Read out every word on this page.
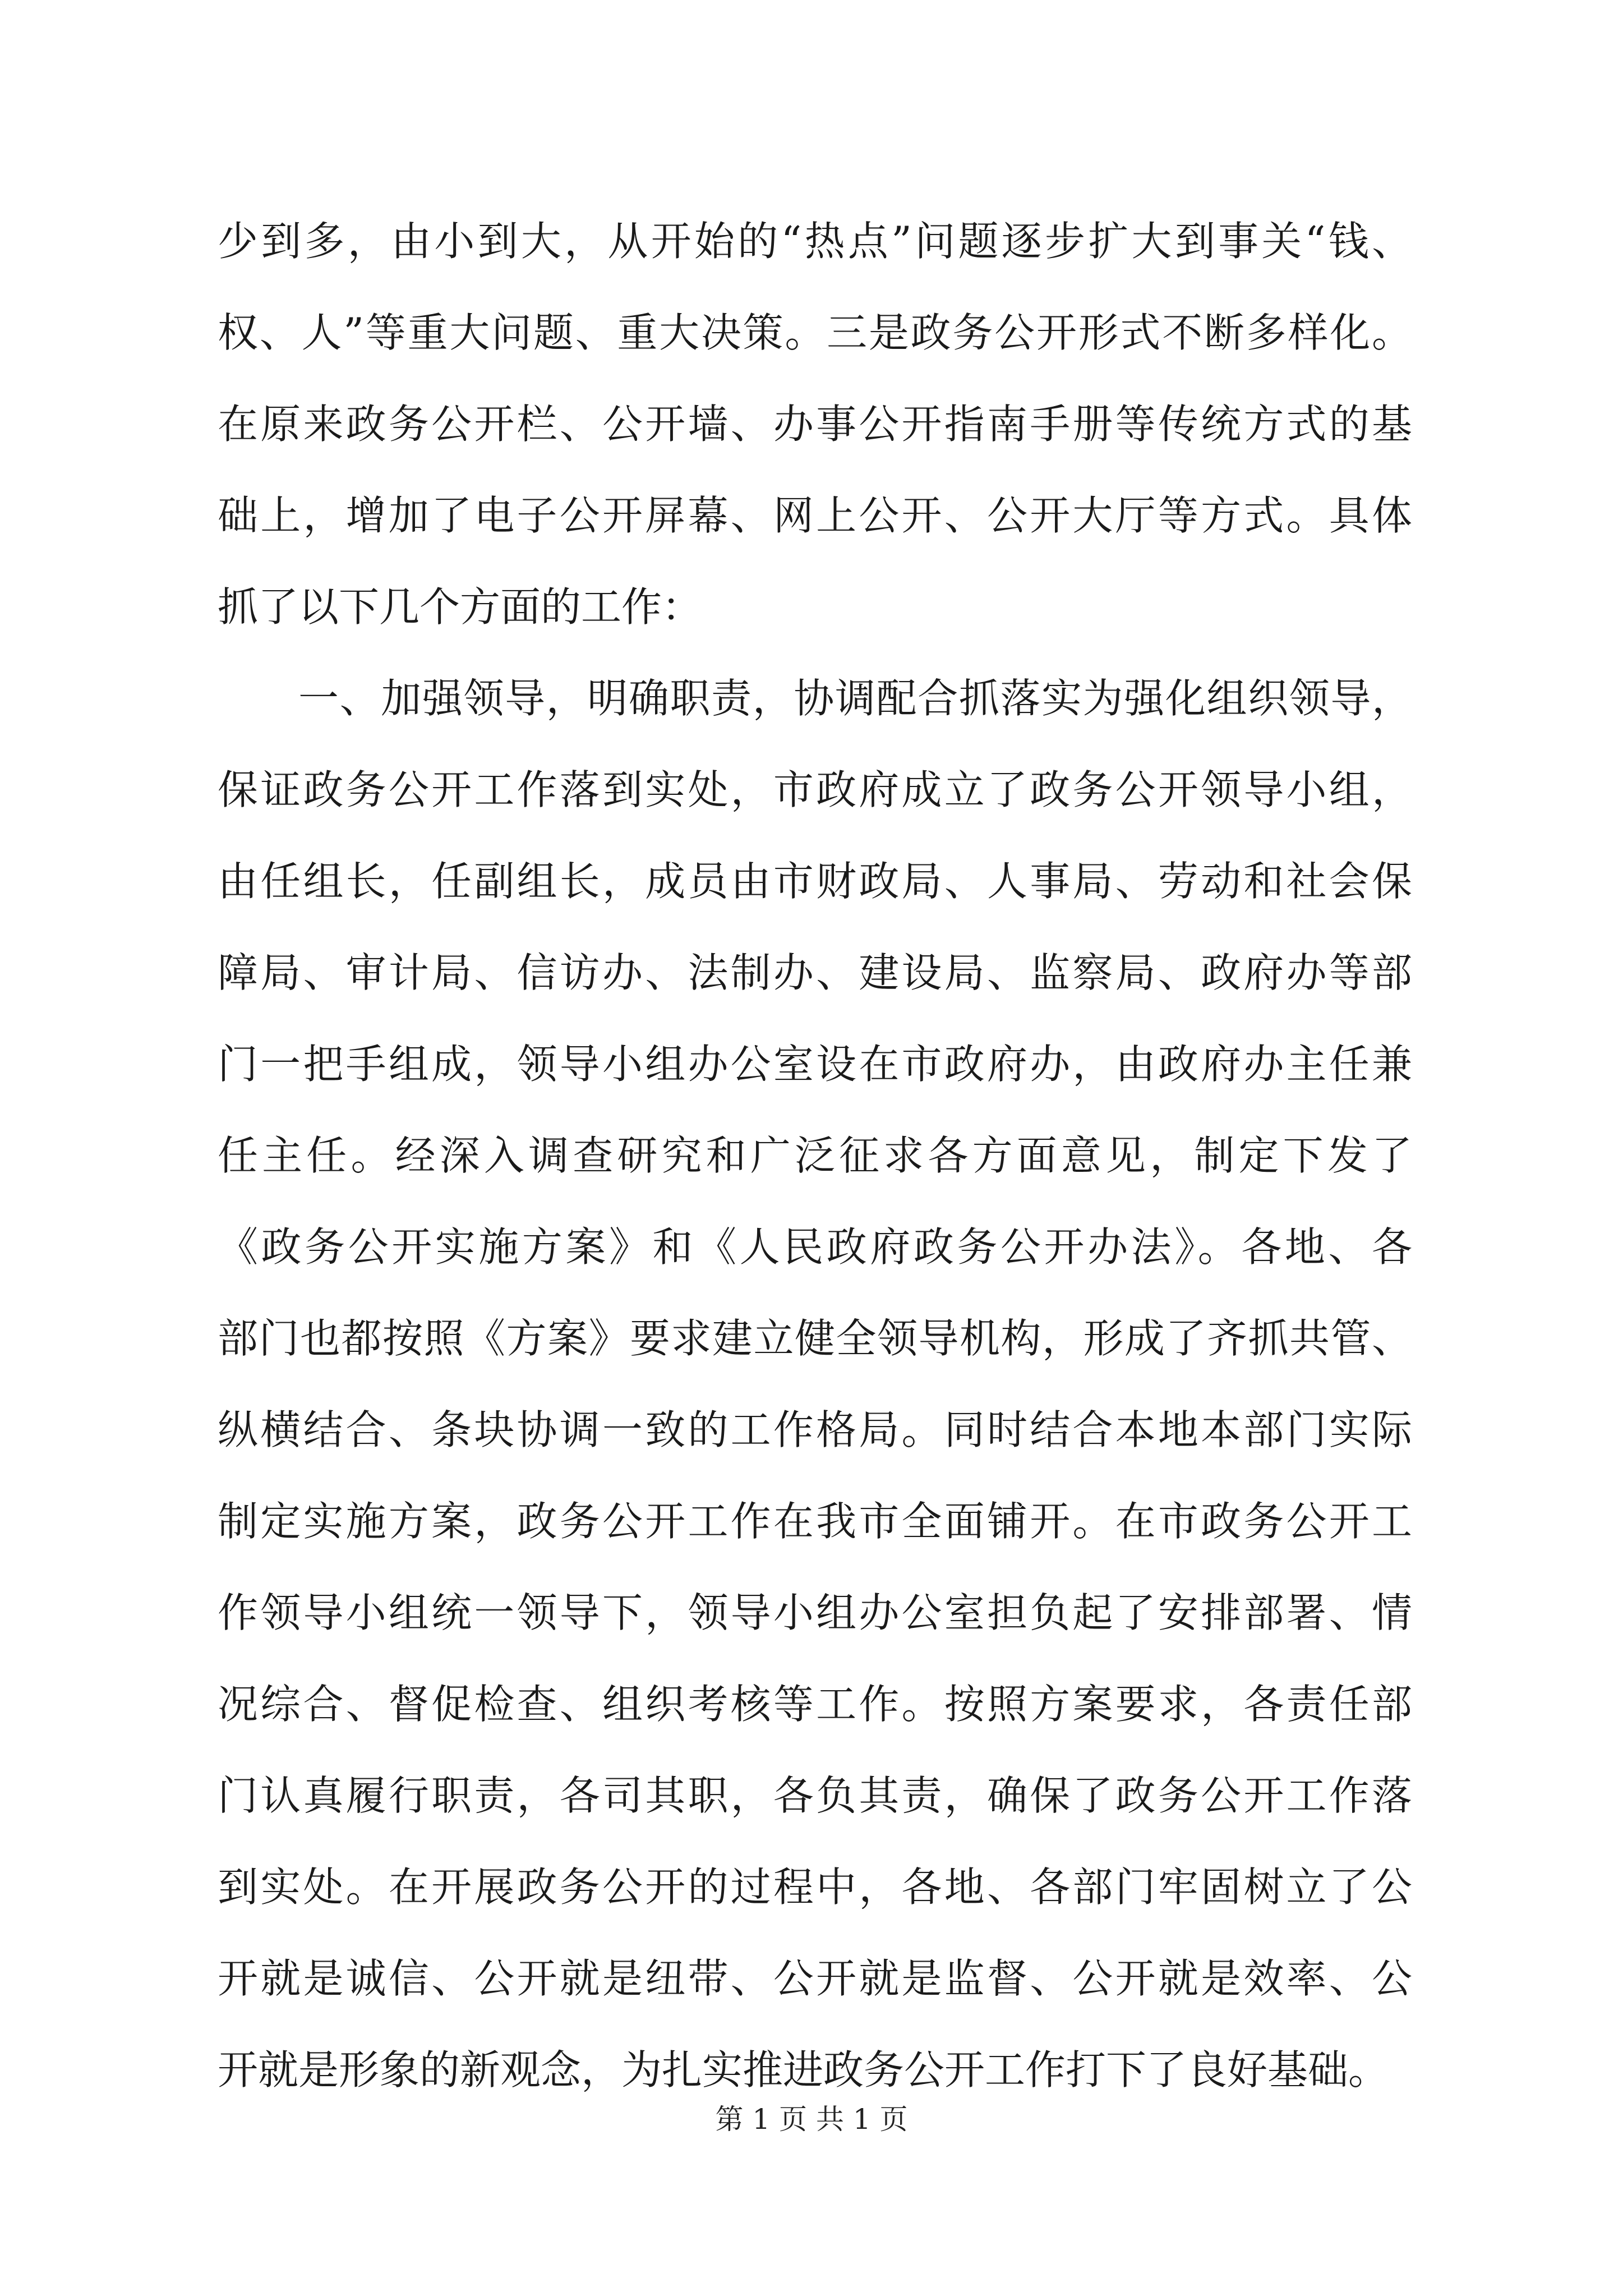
少到多，由小到大，从开始的“热点”问题逐步扩大到事关“钱、
权、人”等重大问题、重大决策。三是政务公开形式不断多样化。
在原来政务公开栏、公开墙、办事公开指南手册等传统方式的基
础上，增加了电子公开屏幕、网上公开、公开大厅等方式。具体
抓了以下几个方面的工作：
一、加强领导，明确职责，协调配合抓落实为强化组织领导，
保证政务公开工作落到实处，市政府成立了政务公开领导小组，
由任组长，任副组长，成员由市财政局、人事局、劳动和社会保
障局、审计局、信访办、法制办、建设局、监察局、政府办等部
门一把手组成，领导小组办公室设在市政府办，由政府办主任兼
任主任。经深入调查研究和广泛征求各方面意见，制定下发了
《政务公开实施方案》和《人民政府政务公开办法》。各地、各
部门也都按照《方案》要求建立健全领导机构，形成了齐抓共管、
纵横结合、条块协调一致的工作格局。同时结合本地本部门实际
制定实施方案，政务公开工作在我市全面铺开。在市政务公开工
作领导小组统一领导下，领导小组办公室担负起了安排部署、情
况综合、督促检查、组织考核等工作。按照方案要求，各责任部
门认真履行职责，各司其职，各负其责，确保了政务公开工作落
到实处。在开展政务公开的过程中，各地、各部门牢固树立了公
开就是诚信、公开就是纽带、公开就是监督、公开就是效率、公
开就是形象的新观念，为扎实推进政务公开工作打下了良好基础。
第 1 页 共 1 页
